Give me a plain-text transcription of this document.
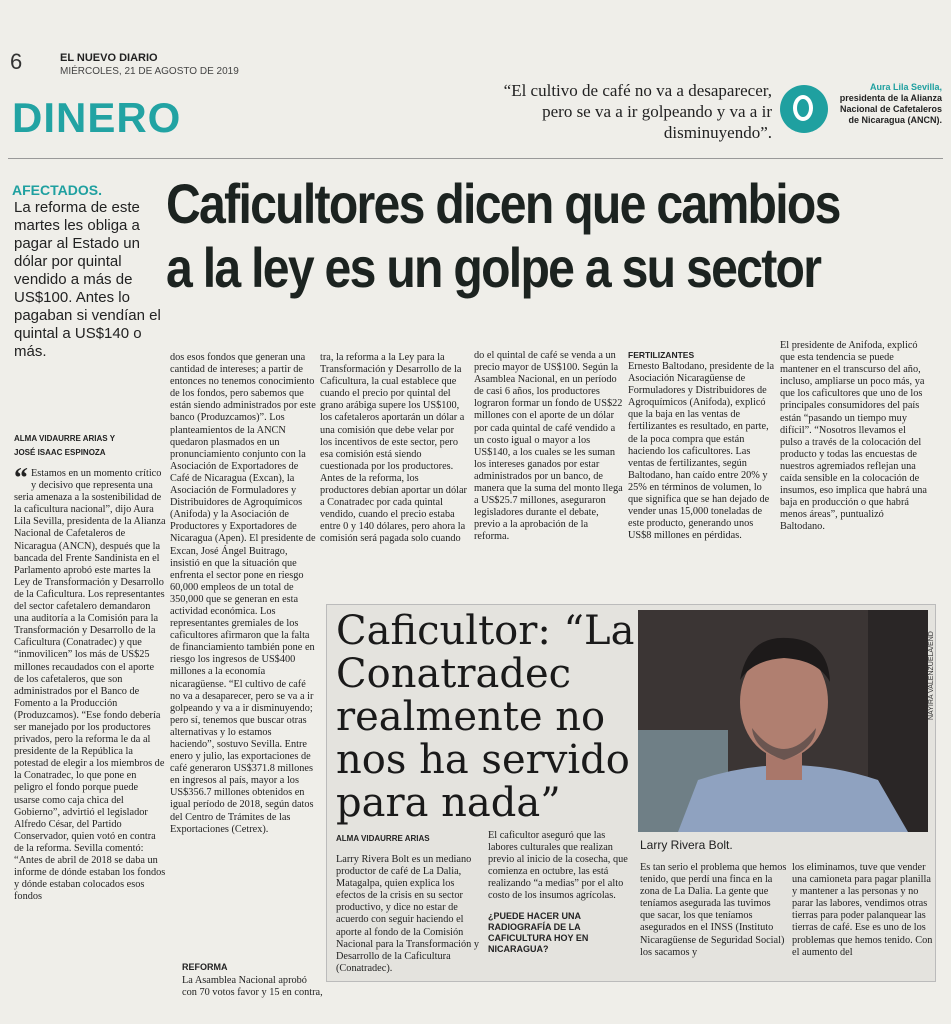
6	EL NUEVO DIARIO
MIÉRCOLES, 21 DE AGOSTO DE 2019
DINERO
“El cultivo de café no va a desaparecer, pero se va a ir golpeando y va a ir disminuyendo”.
Aura Lila Sevilla,
presidenta de la Alianza Nacional de Cafetaleros de Nicaragua (ANCN).
AFECTADOS.
La reforma de este martes les obliga a pagar al Estado un dólar por quintal vendido a más de US$100. Antes lo pagaban si vendían el quintal a US$140 o más.
ALMA VIDAURRE ARIAS Y
JOSÉ ISAAC ESPINOZA
Caficultores dicen que cambios
a la ley es un golpe a su sector
“ Estamos en un momento crítico y decisivo que representa una seria amenaza a la sostenibilidad de la caficultura nacional”, dijo Aura Lila Sevilla, presidenta de la Alianza Nacional de Cafetaleros de Nicaragua (ANCN), después que la bancada del Frente Sandinista en el Parlamento aprobó este martes la Ley de Transformación y Desarrollo de la Caficultura. Los representantes del sector cafetalero demandaron una auditoría a la Comisión para la Transformación y Desarrollo de la Caficultura (Conatradec) y que “inmovilicen” los más de US$25 millones recaudados con el aporte de los cafetaleros, que son administrados por el Banco de Fomento a la Producción (Produzcamos). “Ese fondo debería ser manejado por los productores privados, pero la reforma le da al presidente de la República la potestad de elegir a los miembros de la Conatradec, lo que pone en peligro el fondo porque puede usarse como caja chica del Gobierno”, advirtió el legislador Alfredo César, del Partido Conservador, quien votó en contra de la reforma. Sevilla comentó: “Antes de abril de 2018 se daba un informe de dónde estaban los fondos y dónde estaban colocados esos fondos
dos esos fondos que generan una cantidad de intereses; a partir de entonces no tenemos conocimiento de los fondos, pero sabemos que están siendo administrados por este banco (Produzcamos)”. Los planteamientos de la ANCN quedaron plasmados en un pronunciamiento conjunto con la Asociación de Exportadores de Café de Nicaragua (Excan), la Asociación de Formuladores y Distribuidores de Agroquímicos (Anifoda) y la Asociación de Productores y Exportadores de Nicaragua (Apen). El presidente de Excan, José Ángel Buitrago, insistió en que la situación que enfrenta el sector pone en riesgo 60,000 empleos de un total de 350,000 que se generan en esta actividad económica. Los representantes gremiales de los caficultores afirmaron que la falta de financiamiento también pone en riesgo los ingresos de US$400 millones a la economía nicaragüense. “El cultivo de café no va a desaparecer, pero se va a ir golpeando y va a ir disminuyendo; pero sí, tenemos que buscar otras alternativas y lo estamos haciendo”, sostuvo Sevilla. Entre enero y julio, las exportaciones de café generaron US$371.8 millones en ingresos al país, mayor a los US$356.7 millones obtenidos en igual período de 2018, según datos del Centro de Trámites de las Exportaciones (Cetrex).
REFORMA
La Asamblea Nacional aprobó con 70 votos favor y 15 en contra,
tra, la reforma a la Ley para la Transformación y Desarrollo de la Caficultura, la cual establece que cuando el precio por quintal del grano arábiga supere los US$100, los cafetaleros aportarán un dólar a una comisión que debe velar por los incentivos de este sector, pero esa comisión está siendo cuestionada por los productores. Antes de la reforma, los productores debían aportar un dólar a Conatradec por cada quintal vendido, cuando el precio estaba entre 0 y 140 dólares, pero ahora la comisión será pagada solo cuando
do el quintal de café se venda a un precio mayor de US$100. Según la Asamblea Nacional, en un período de casi 6 años, los productores lograron formar un fondo de US$22 millones con el aporte de un dólar por cada quintal de café vendido a un costo igual o mayor a los US$140, a los cuales se les suman los intereses ganados por estar administrados por un banco, de manera que la suma del monto llega a US$25.7 millones, aseguraron legisladores durante el debate, previo a la aprobación de la reforma.
FERTILIZANTES
Ernesto Baltodano, presidente de la Asociación Nicaragüense de Formuladores y Distribuidores de Agroquímicos (Anifoda), explicó que la baja en las ventas de fertilizantes es resultado, en parte, de la poca compra que están haciendo los caficultores. Las ventas de fertilizantes, según Baltodano, han caído entre 20% y 25% en términos de volumen, lo que significa que se han dejado de vender unas 15,000 toneladas de este producto, generando unos US$8 millones en pérdidas.
El presidente de Anifoda, explicó que esta tendencia se puede mantener en el transcurso del año, incluso, ampliarse un poco más, ya que los caficultores que uno de los principales consumidores del país están “pasando un tiempo muy difícil”. “Nosotros llevamos el pulso a través de la colocación del producto y todas las encuestas de nuestros agremiados reflejan una caída sensible en la colocación de insumos, eso implica que habrá una baja en producción o que habrá menos áreas”, puntualizó Baltodano.
Caficultor: “La Conatradec realmente no nos ha servido para nada”
NAYIRA VALENZUELA/END
Larry Rivera Bolt.
ALMA VIDAURRE ARIAS
Larry Rivera Bolt es un mediano productor de café de La Dalia, Matagalpa, quien explica los efectos de la crisis en su sector productivo, y dice no estar de acuerdo con seguir haciendo el aporte al fondo de la Comisión Nacional para la Transformación y Desarrollo de la Caficultura (Conatradec).
El caficultor aseguró que las labores culturales que realizan previo al inicio de la cosecha, que comienza en octubre, las está realizando “a medias” por el alto costo de los insumos agrícolas.
¿PUEDE HACER UNA RADIOGRAFÍA DE LA CAFICULTURA HOY EN NICARAGUA?
Es tan serio el problema que hemos tenido, que perdí una finca en la zona de La Dalia. La gente que teníamos asegurada las tuvimos que sacar, los que teníamos asegurados en el INSS (Instituto Nicaragüense de Seguridad Social) los sacamos y
los eliminamos, tuve que vender una camioneta para pagar planilla y mantener a las personas y no parar las labores, vendimos otras tierras para poder palanquear las tierras de café. Ese es uno de los problemas que hemos tenido. Con el aumento del
